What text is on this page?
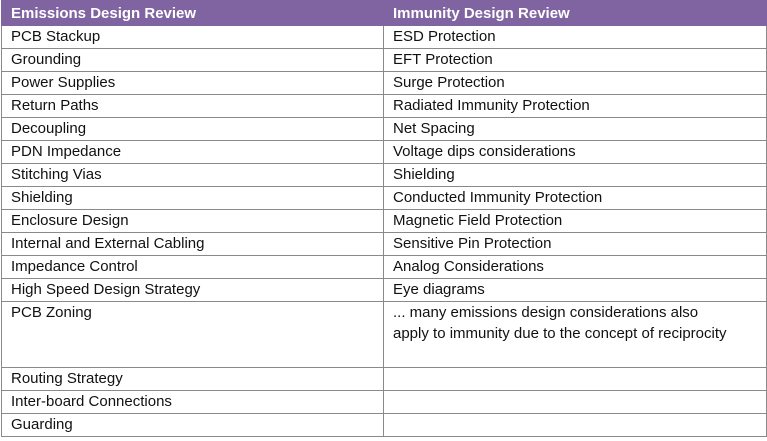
Emissions Design Review	Immunity Design Review
PCB Stackup	ESD Protection
Grounding	EFT Protection
Power Supplies	Surge Protection
Return Paths	Radiated Immunity Protection
Decoupling	Net Spacing
PDN Impedance	Voltage dips considerations
Stitching Vias	Shielding
Shielding	Conducted Immunity Protection
Enclosure Design	Magnetic Field Protection
Internal and External Cabling	Sensitive Pin Protection
Impedance Control	Analog Considerations
High Speed Design Strategy	Eye diagrams
PCB Zoning	... many emissions design considerations also apply to immunity due to the concept of reciprocity
Routing Strategy	
Inter-board Connections	
Guarding	
